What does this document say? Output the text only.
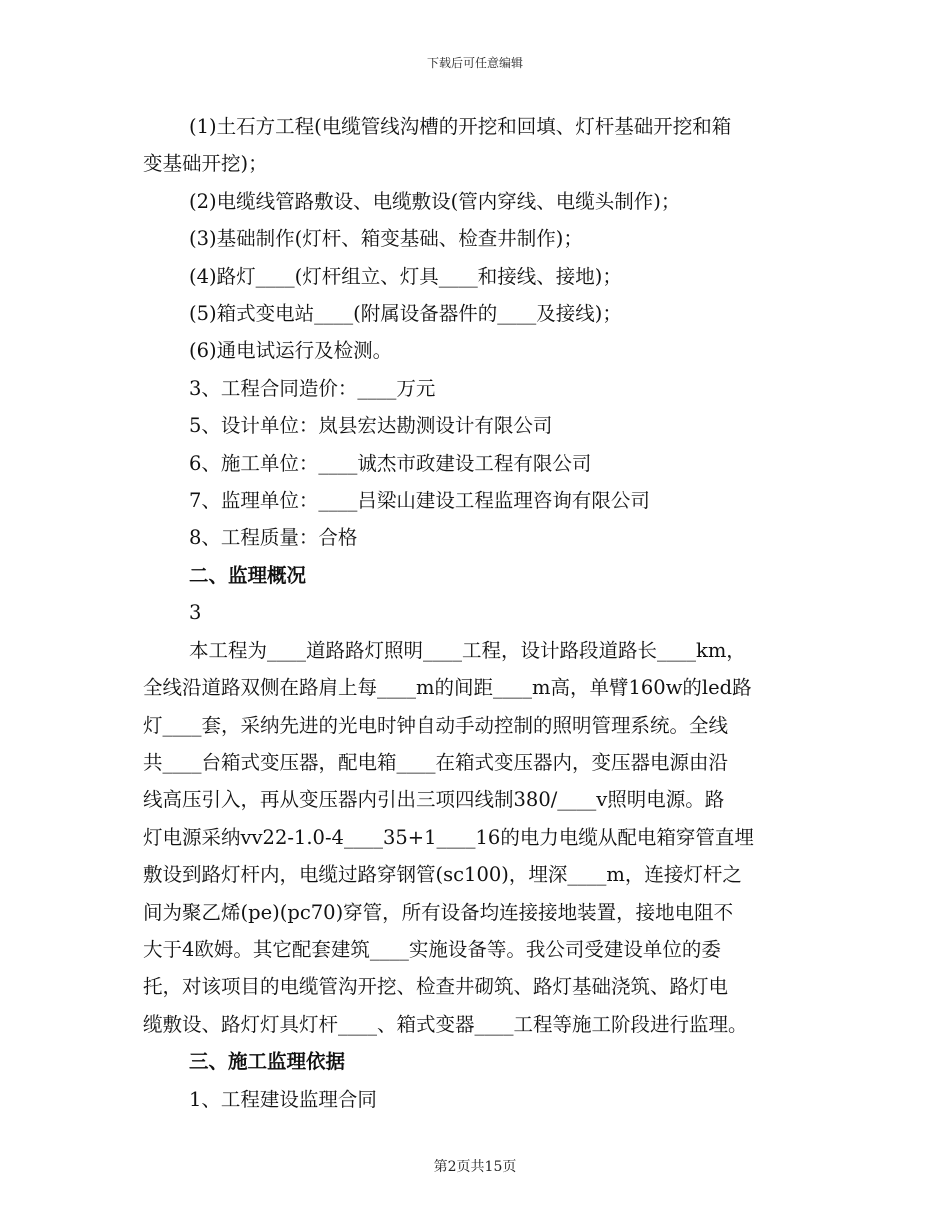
下载后可任意编辑
(1)土石方工程(电缆管线沟槽的开挖和回填、灯杆基础开挖和箱
变基础开挖)；
(2)电缆线管路敷设、电缆敷设(管内穿线、电缆头制作)；
(3)基础制作(灯杆、箱变基础、检查井制作)；
(4)路灯____(灯杆组立、灯具____和接线、接地)；
(5)箱式变电站____(附属设备器件的____及接线)；
(6)通电试运行及检测。
3、工程合同造价：____万元
5、设计单位：岚县宏达勘测设计有限公司
6、施工单位：____诚杰市政建设工程有限公司
7、监理单位：____吕梁山建设工程监理咨询有限公司
8、工程质量：合格
二、监理概况
3
本工程为____道路路灯照明____工程，设计路段道路长____km，
全线沿道路双侧在路肩上每____m的间距____m高，单臂160w的led路
灯____套，采纳先进的光电时钟自动手动控制的照明管理系统。全线
共____台箱式变压器，配电箱____在箱式变压器内，变压器电源由沿
线高压引入，再从变压器内引出三项四线制380/____v照明电源。路
灯电源采纳vv22-1.0-4____35+1____16的电力电缆从配电箱穿管直埋
敷设到路灯杆内，电缆过路穿钢管(sc100)，埋深____m，连接灯杆之
间为聚乙烯(pe)(pc70)穿管，所有设备均连接接地装置，接地电阻不
大于4欧姆。其它配套建筑____实施设备等。我公司受建设单位的委
托，对该项目的电缆管沟开挖、检查井砌筑、路灯基础浇筑、路灯电
缆敷设、路灯灯具灯杆____、箱式变器____工程等施工阶段进行监理。
三、施工监理依据
1、工程建设监理合同
第2页共15页
